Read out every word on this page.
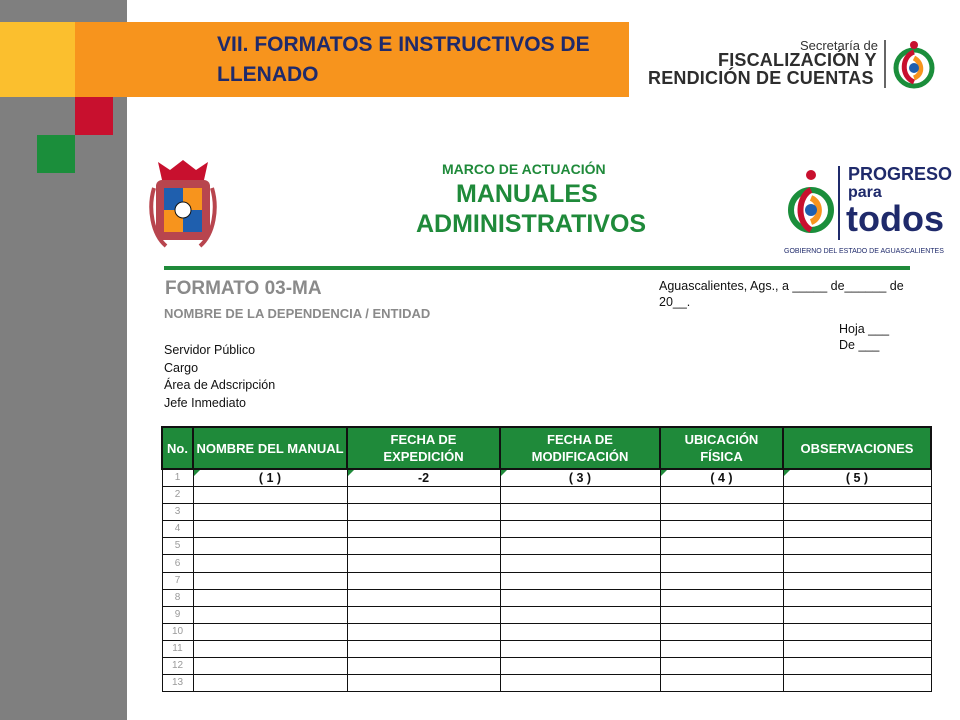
VII. FORMATOS E INSTRUCTIVOS DE LLENADO
Secretaría de
FISCALIZACIÓN Y
RENDICIÓN DE CUENTAS
MARCO DE ACTUACIÓN
MANUALES
ADMINISTRATIVOS
PROGRESO
para
todos
GOBIERNO DEL ESTADO DE AGUASCALIENTES
FORMATO 03-MA
NOMBRE DE LA DEPENDENCIA / ENTIDAD
Aguascalientes, Ags., a _____ de______ de
20__.
Hoja ___
De ___
Servidor Público
Cargo
Área de Adscripción
Jefe Inmediato
No.	NOMBRE DEL MANUAL	FECHA DE EXPEDICIÓN	FECHA DE MODIFICACIÓN	UBICACIÓN FÍSICA	OBSERVACIONES
1	( 1 )	-2	( 3 )	( 4 )	( 5 )
2					
3					
4					
5					
6					
7					
8					
9					
10					
11					
12					
13					
